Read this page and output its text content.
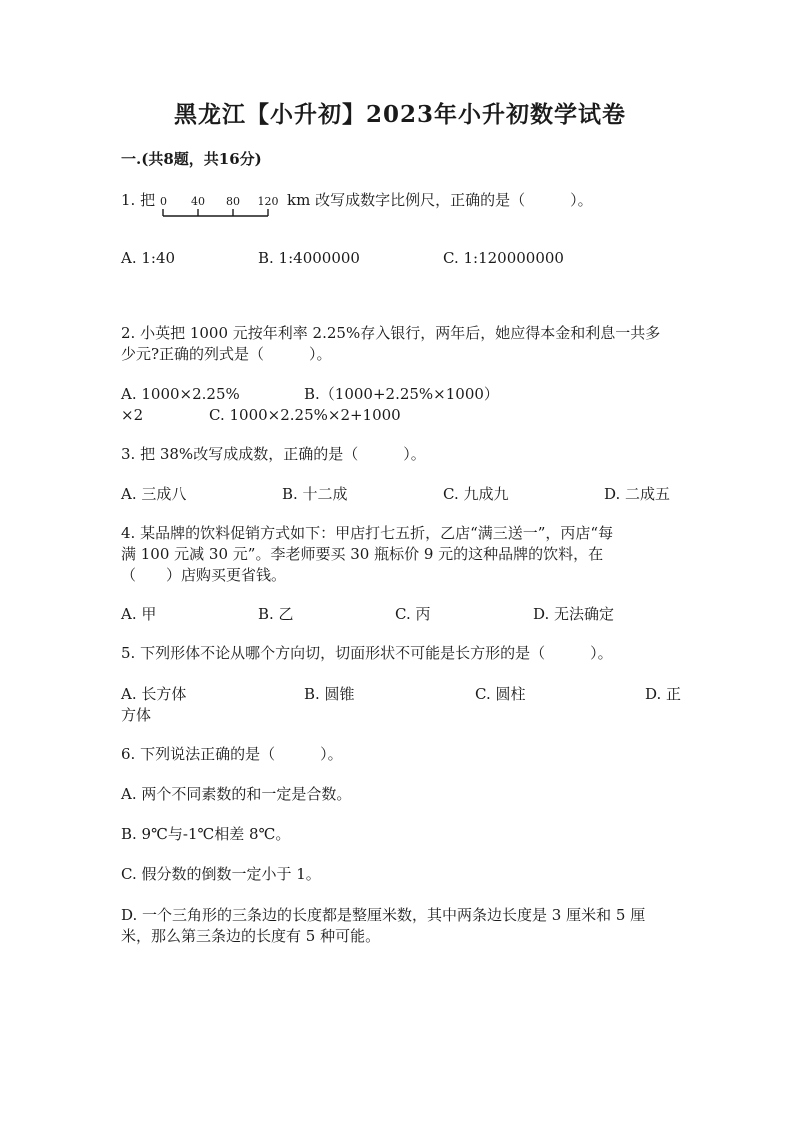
黑龙江【小升初】2023年小升初数学试卷
一.(共8题，共16分)
1. 把 0 40 80 120 km 改写成数字比例尺，正确的是（　　　）。
A. 1:40	B. 1:4000000	C. 1:120000000
2. 小英把 1000 元按年利率 2.25%存入银行，两年后，她应得本金和利息一共多
少元?正确的列式是（　　　）。
A. 1000×2.25%	B.（1000+2.25%×1000）
×2	C. 1000×2.25%×2+1000
3. 把 38%改写成成数，正确的是（　　　）。
A. 三成八	B. 十二成	C. 九成九	D. 二成五
4. 某品牌的饮料促销方式如下：甲店打七五折，乙店“满三送一”，丙店“每
满 100 元减 30 元”。李老师要买 30 瓶标价 9 元的这种品牌的饮料，在
（　　）店购买更省钱。
A. 甲	B. 乙	C. 丙	D. 无法确定
5. 下列形体不论从哪个方向切，切面形状不可能是长方形的是（　　　）。
A. 长方体	B. 圆锥	C. 圆柱	D. 正
方体
6. 下列说法正确的是（　　　）。
A. 两个不同素数的和一定是合数。
B. 9℃与-1℃相差 8℃。
C. 假分数的倒数一定小于 1。
D. 一个三角形的三条边的长度都是整厘米数，其中两条边长度是 3 厘米和 5 厘
米，那么第三条边的长度有 5 种可能。
